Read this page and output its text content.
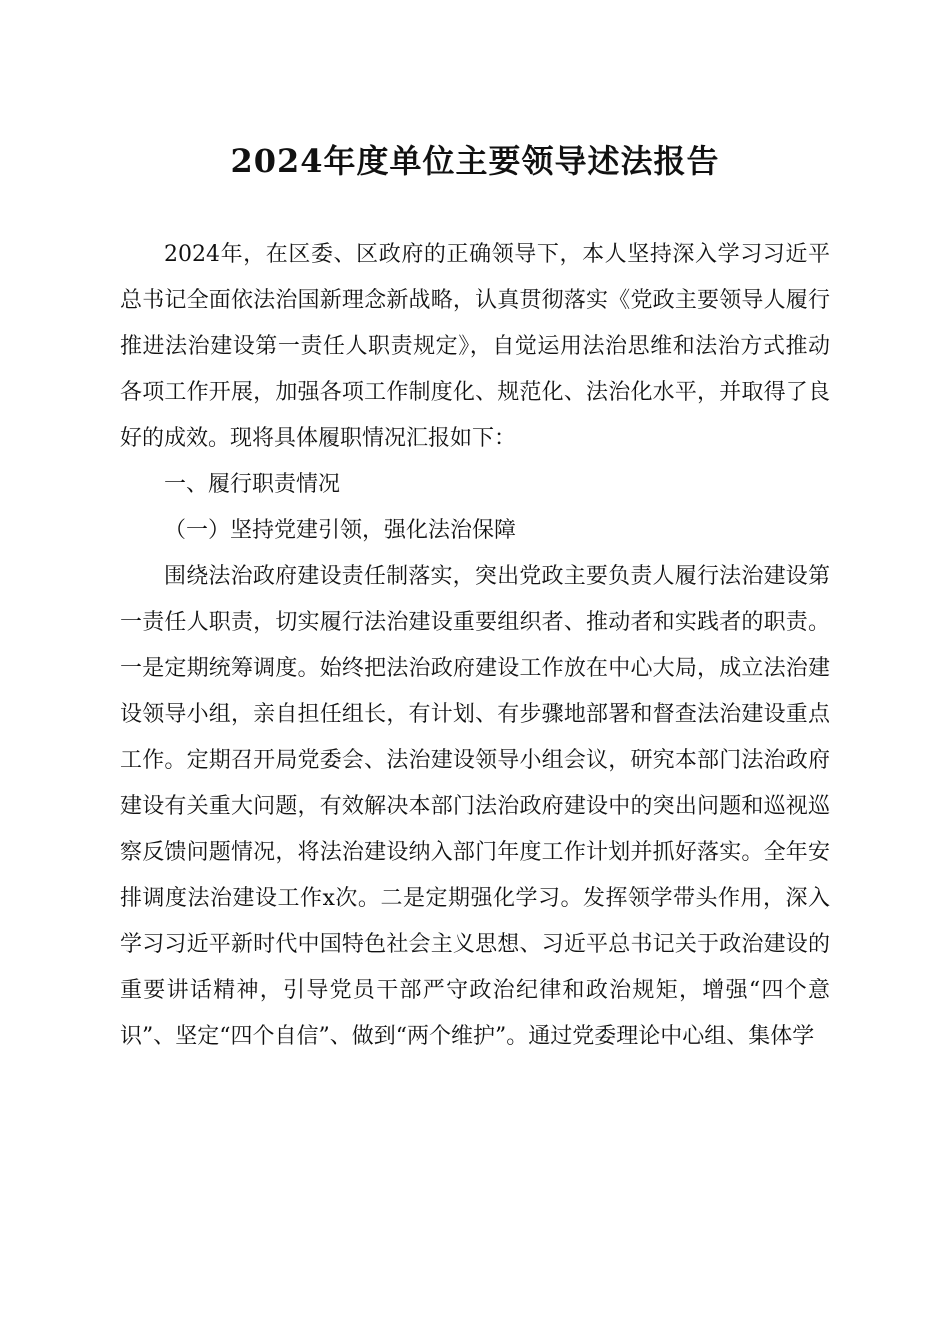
2024年度单位主要领导述法报告

2024年，在区委、区政府的正确领导下，本人坚持深入学习习近平总书记全面依法治国新理念新战略，认真贯彻落实《党政主要领导人履行推进法治建设第一责任人职责规定》，自觉运用法治思维和法治方式推动各项工作开展，加强各项工作制度化、规范化、法治化水平，并取得了良好的成效。现将具体履职情况汇报如下：

一、履行职责情况

（一）坚持党建引领，强化法治保障

围绕法治政府建设责任制落实，突出党政主要负责人履行法治建设第一责任人职责，切实履行法治建设重要组织者、推动者和实践者的职责。一是定期统筹调度。始终把法治政府建设工作放在中心大局，成立法治建设领导小组，亲自担任组长，有计划、有步骤地部署和督查法治建设重点工作。定期召开局党委会、法治建设领导小组会议，研究本部门法治政府建设有关重大问题，有效解决本部门法治政府建设中的突出问题和巡视巡察反馈问题情况，将法治建设纳入部门年度工作计划并抓好落实。全年安排调度法治建设工作x次。二是定期强化学习。发挥领学带头作用，深入学习习近平新时代中国特色社会主义思想、习近平总书记关于政治建设的重要讲话精神，引导党员干部严守政治纪律和政治规矩，增强“四个意识”、坚定“四个自信”、做到“两个维护”。通过党委理论中心组、集体学
